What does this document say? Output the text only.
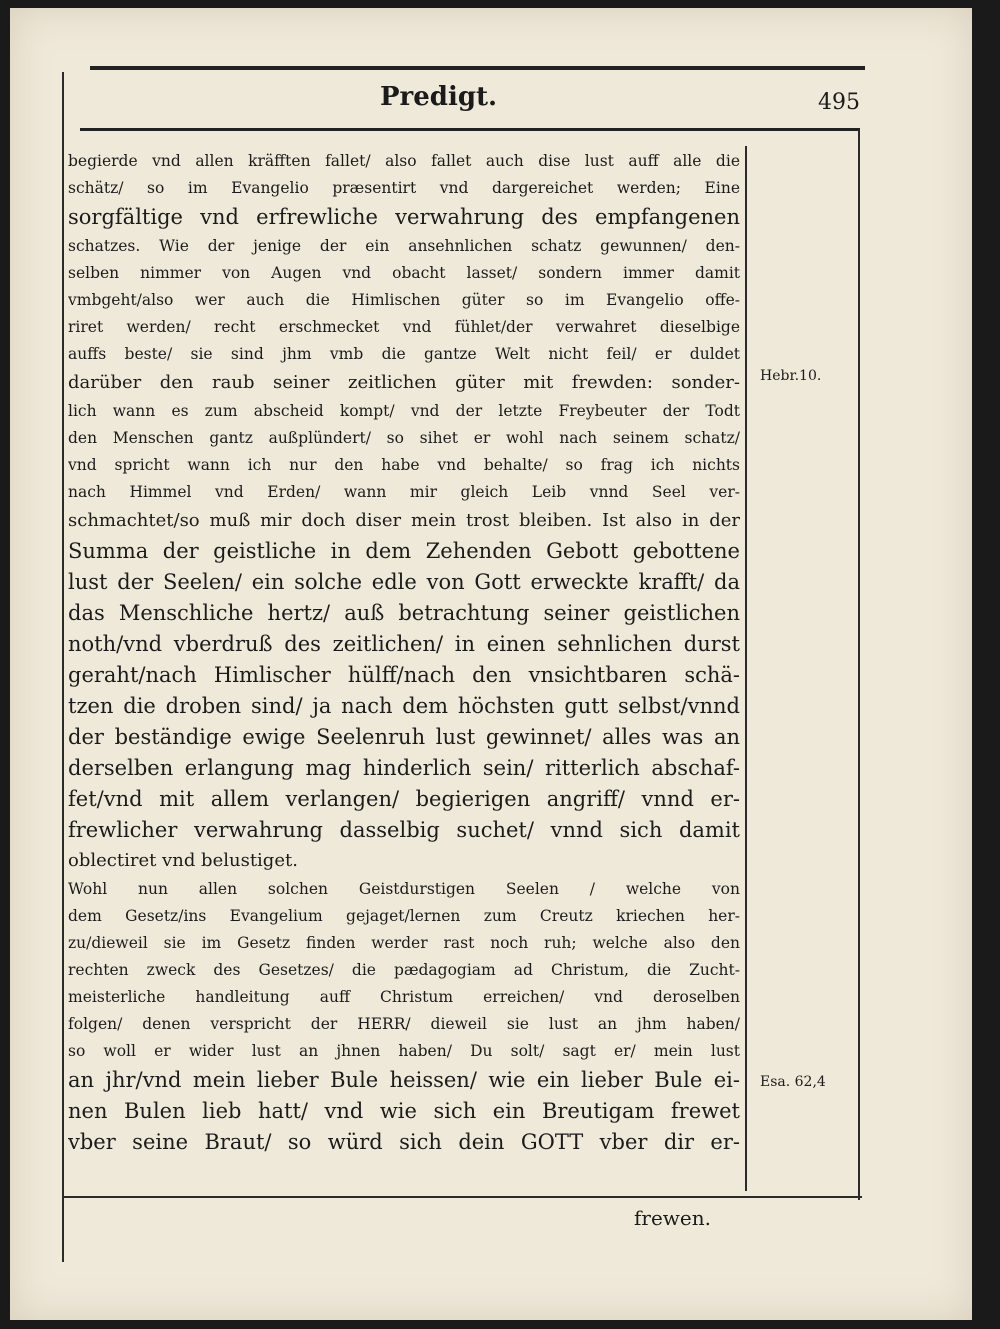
Predigt.	495
begierde vnd allen kräfften fallet/ also fallet auch dise lust auff alle die
schätz/ so im Evangelio præsentirt vnd dargereichet werden; Eine
sorgfältige vnd erfrewliche verwahrung des empfangenen
schatzes. Wie der jenige der ein ansehnlichen schatz gewunnen/ den-
selben nimmer von Augen vnd obacht lasset/ sondern immer damit
vmbgeht/also wer auch die Himlischen güter so im Evangelio offe-
riret werden/ recht erschmecket vnd fühlet/der verwahret dieselbige
auffs beste/ sie sind jhm vmb die gantze Welt nicht feil/ er duldet
darüber den raub seiner zeitlichen güter mit frewden: sonder-
lich wann es zum abscheid kompt/ vnd der letzte Freybeuter der Todt
den Menschen gantz außplündert/ so sihet er wohl nach seinem schatz/
vnd spricht wann ich nur den habe vnd behalte/ so frag ich nichts
nach Himmel vnd Erden/ wann mir gleich Leib vnnd Seel ver-
schmachtet/so muß mir doch diser mein trost bleiben. Ist also in der
Summa der geistliche in dem Zehenden Gebott gebottene
lust der Seelen/ ein solche edle von Gott erweckte krafft/ da
das Menschliche hertz/ auß betrachtung seiner geistlichen
noth/vnd vberdruß des zeitlichen/ in einen sehnlichen durst
geraht/nach Himlischer hülff/nach den vnsichtbaren schä-
tzen die droben sind/ ja nach dem höchsten gutt selbst/vnnd
der beständige ewige Seelenruh lust gewinnet/ alles was an
derselben erlangung mag hinderlich sein/ ritterlich abschaf-
fet/vnd mit allem verlangen/ begierigen angriff/ vnnd er-
frewlicher verwahrung dasselbig suchet/ vnnd sich damit
oblectiret vnd belustiget.
Wohl nun allen solchen Geistdurstigen Seelen / welche von
dem Gesetz/ins Evangelium gejaget/lernen zum Creutz kriechen her-
zu/dieweil sie im Gesetz finden werder rast noch ruh; welche also den
rechten zweck des Gesetzes/ die pædagogiam ad Christum, die Zucht-
meisterliche handleitung auff Christum erreichen/ vnd deroselben
folgen/ denen verspricht der HERR/ dieweil sie lust an jhm haben/
so woll er wider lust an jhnen haben/ Du solt/ sagt er/ mein lust
an jhr/vnd mein lieber Bule heissen/ wie ein lieber Bule ei-
nen Bulen lieb hatt/ vnd wie sich ein Breutigam frewet
vber seine Braut/ so würd sich dein GOTT vber dir er-
Hebr.10.
Esa. 62,4
frewen.
